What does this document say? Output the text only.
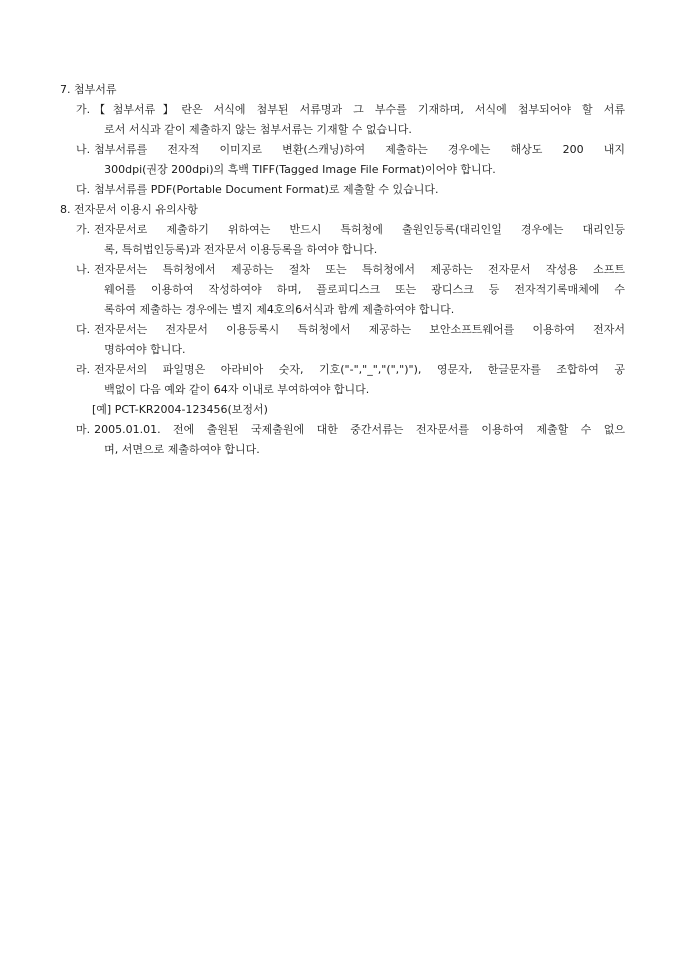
7. 첨부서류
가. 【첨부서류】란은 서식에 첨부된 서류명과 그 부수를 기재하며, 서식에 첨부되어야 할 서류
로서 서식과 같이 제출하지 않는 첨부서류는 기재할 수 없습니다.
나. 첨부서류를 전자적 이미지로 변환(스캐닝)하여 제출하는 경우에는 해상도 200 내지
300dpi(권장 200dpi)의 흑백 TIFF(Tagged Image File Format)이어야 합니다.
다. 첨부서류를 PDF(Portable Document Format)로 제출할 수 있습니다.
8. 전자문서 이용시 유의사항
가. 전자문서로 제출하기 위하여는 반드시 특허청에 출원인등록(대리인일 경우에는 대리인등
록, 특허법인등록)과 전자문서 이용등록을 하여야 합니다.
나. 전자문서는 특허청에서 제공하는 절차 또는 특허청에서 제공하는 전자문서 작성용 소프트
웨어를 이용하여 작성하여야 하며, 플로피디스크 또는 광디스크 등 전자적기록매체에 수
록하여 제출하는 경우에는 별지 제4호의6서식과 함께 제출하여야 합니다.
다. 전자문서는 전자문서 이용등록시 특허청에서 제공하는 보안소프트웨어를 이용하여 전자서
명하여야 합니다.
라. 전자문서의 파일명은 아라비아 숫자, 기호("-","_","(",")"), 영문자, 한글문자를 조합하여 공
백없이 다음 예와 같이 64자 이내로 부여하여야 합니다.
[예] PCT-KR2004-123456(보정서)
마. 2005.01.01. 전에 출원된 국제출원에 대한 중간서류는 전자문서를 이용하여 제출할 수 없으
며, 서면으로 제출하여야 합니다.
